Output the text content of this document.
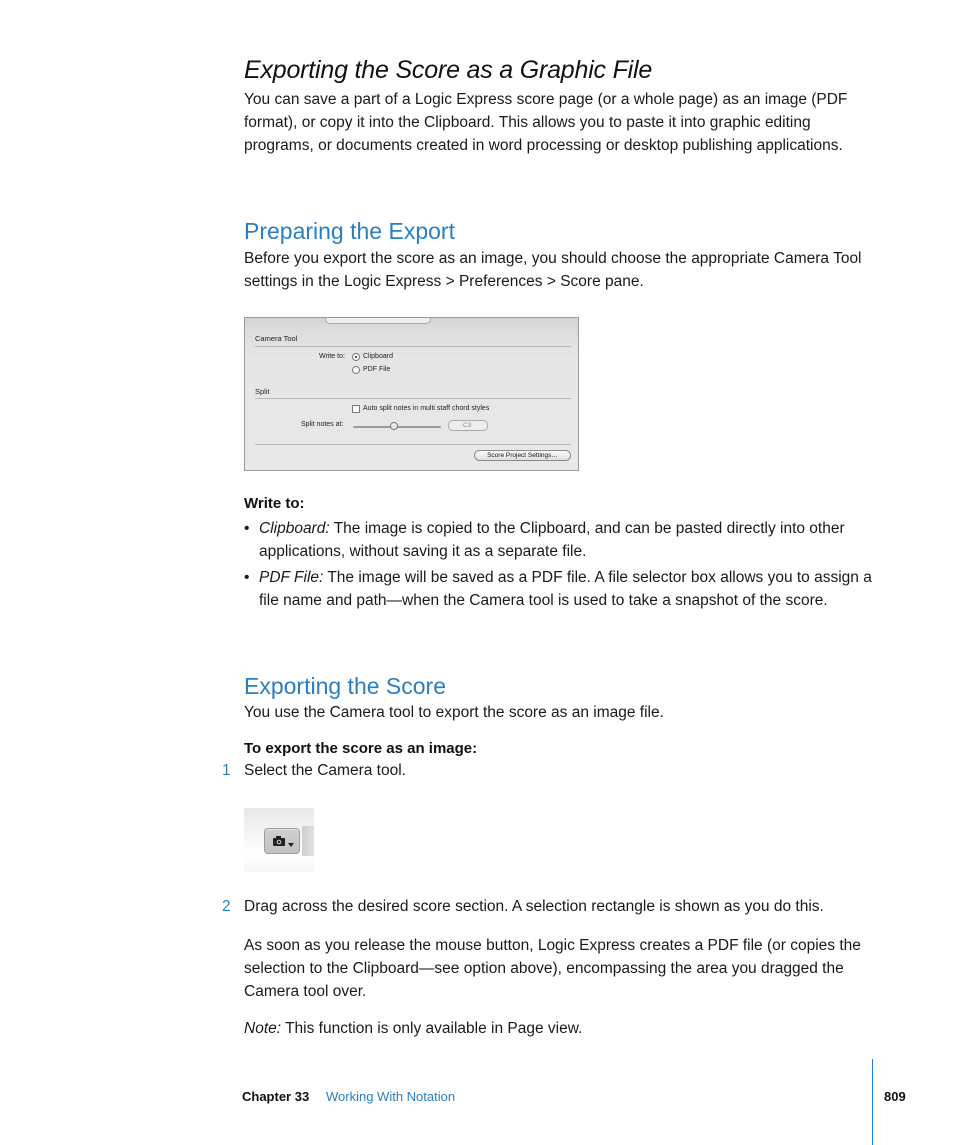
Exporting the Score as a Graphic File
You can save a part of a Logic Express score page (or a whole page) as an image (PDF format), or copy it into the Clipboard. This allows you to paste it into graphic editing programs, or documents created in word processing or desktop publishing applications.
Preparing the Export
Before you export the score as an image, you should choose the appropriate Camera Tool settings in the Logic Express > Preferences > Score pane.
Camera Tool
Write to:	Clipboard
PDF File
Split
Auto split notes in multi staff chord styles
Split notes at:	C3
Score Project Settings…
Write to:
• Clipboard: The image is copied to the Clipboard, and can be pasted directly into other applications, without saving it as a separate file.
• PDF File: The image will be saved as a PDF file. A file selector box allows you to assign a file name and path—when the Camera tool is used to take a snapshot of the score.
Exporting the Score
You use the Camera tool to export the score as an image file.
To export the score as an image:
1 Select the Camera tool.
2 Drag across the desired score section. A selection rectangle is shown as you do this.
As soon as you release the mouse button, Logic Express creates a PDF file (or copies the selection to the Clipboard—see option above), encompassing the area you dragged the Camera tool over.
Note: This function is only available in Page view.
Chapter 33 Working With Notation	809
